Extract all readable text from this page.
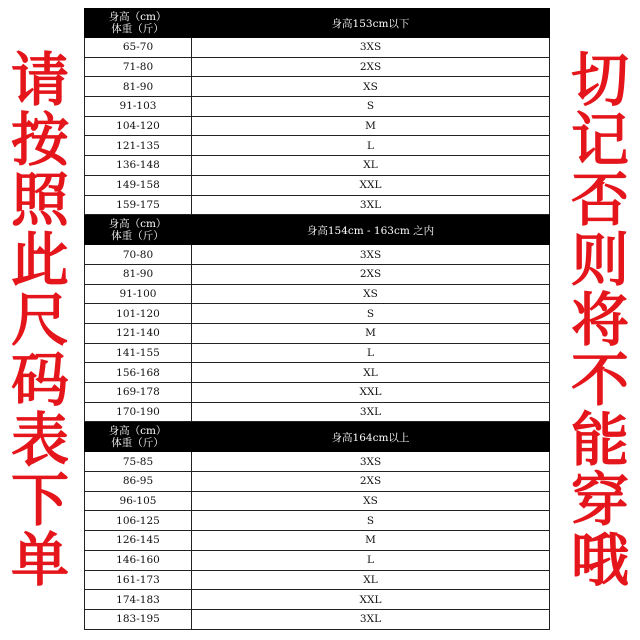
请
按
照
此
尺
码
表
下
单
切
记
否
则
将
不
能
穿
哦
身高（cm）
体重（斤）	身高153cm以下
65-70	3XS
71-80	2XS
81-90	XS
91-103	S
104-120	M
121-135	L
136-148	XL
149-158	XXL
159-175	3XL
身高（cm）
体重（斤）	身高154cm - 163cm 之内
70-80	3XS
81-90	2XS
91-100	XS
101-120	S
121-140	M
141-155	L
156-168	XL
169-178	XXL
170-190	3XL
身高（cm）
体重（斤）	身高164cm以上
75-85	3XS
86-95	2XS
96-105	XS
106-125	S
126-145	M
146-160	L
161-173	XL
174-183	XXL
183-195	3XL
